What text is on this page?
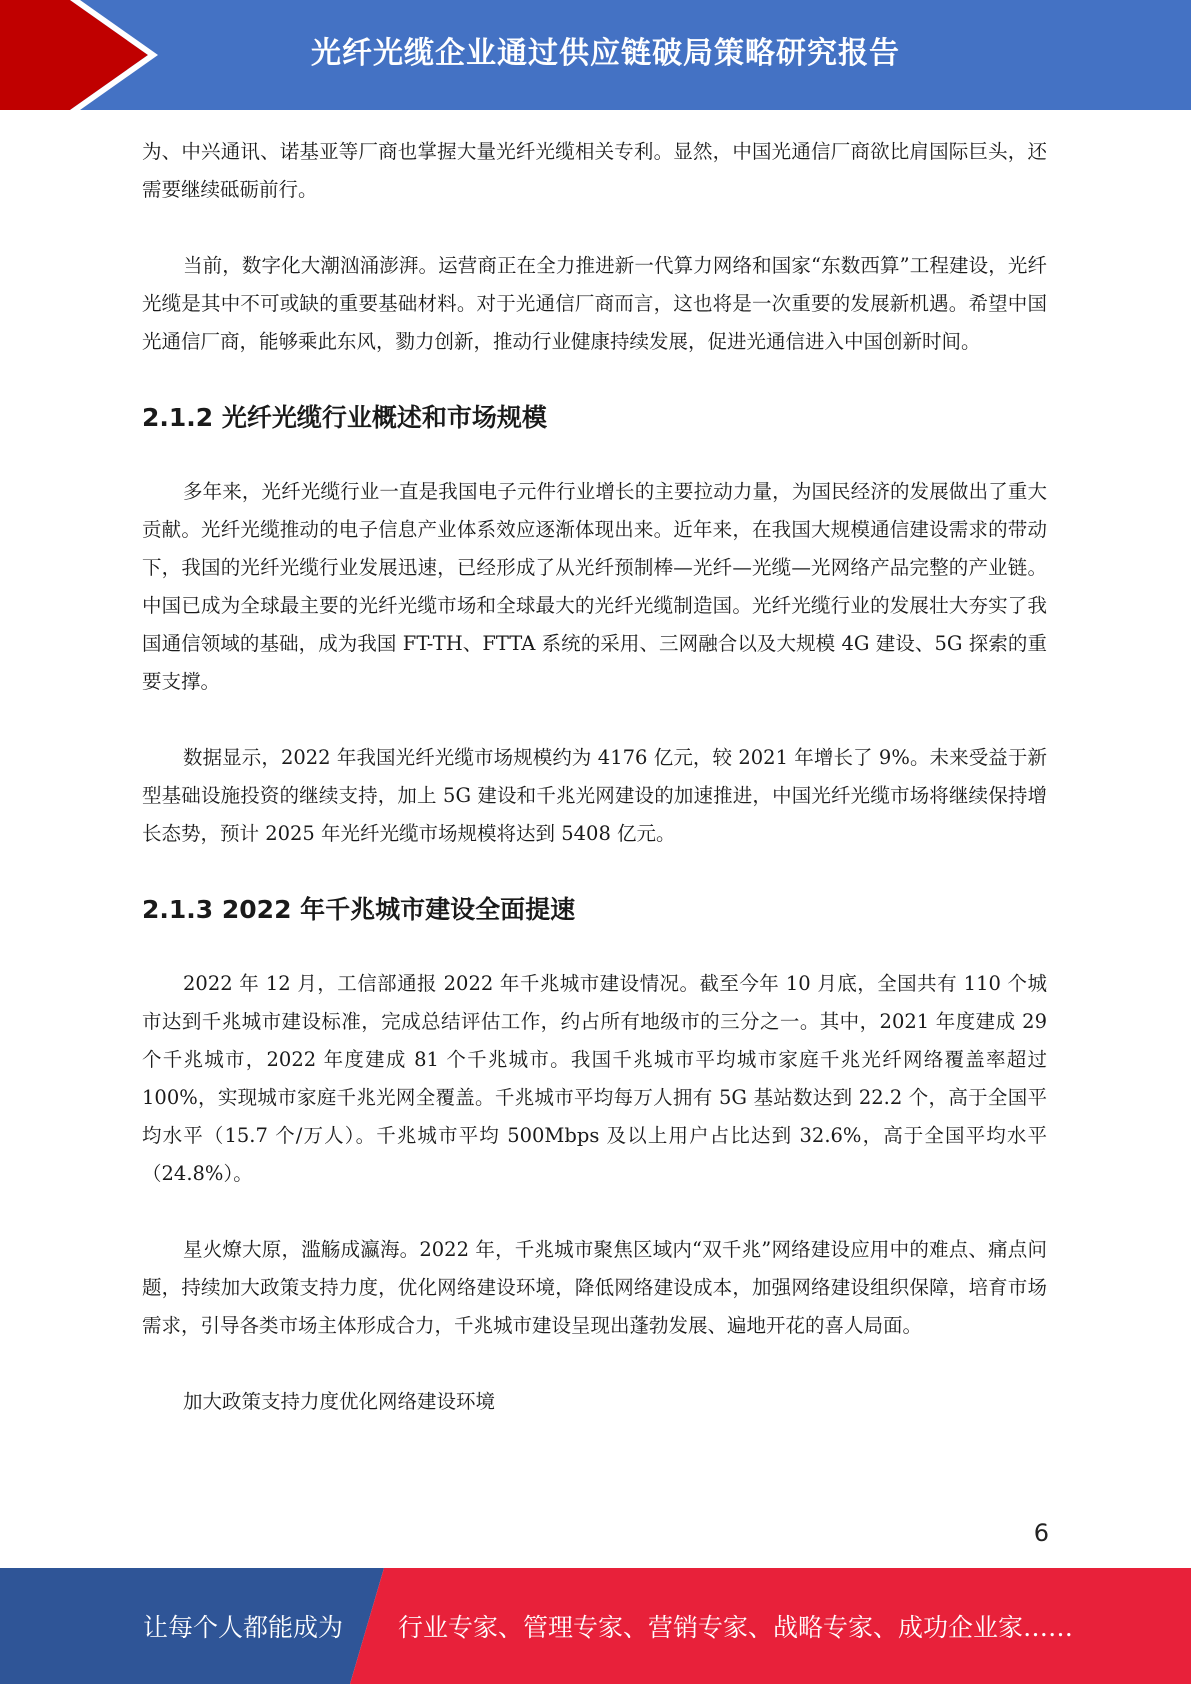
光纤光缆企业通过供应链破局策略研究报告

为、中兴通讯、诺基亚等厂商也掌握大量光纤光缆相关专利。显然，中国光通信厂商欲比肩国际巨头，还需要继续砥砺前行。

当前，数字化大潮汹涌澎湃。运营商正在全力推进新一代算力网络和国家“东数西算”工程建设，光纤光缆是其中不可或缺的重要基础材料。对于光通信厂商而言，这也将是一次重要的发展新机遇。希望中国光通信厂商，能够乘此东风，勠力创新，推动行业健康持续发展，促进光通信进入中国创新时间。

2.1.2 光纤光缆行业概述和市场规模

多年来，光纤光缆行业一直是我国电子元件行业增长的主要拉动力量，为国民经济的发展做出了重大贡献。光纤光缆推动的电子信息产业体系效应逐渐体现出来。近年来，在我国大规模通信建设需求的带动下，我国的光纤光缆行业发展迅速，已经形成了从光纤预制棒—光纤—光缆—光网络产品完整的产业链。中国已成为全球最主要的光纤光缆市场和全球最大的光纤光缆制造国。光纤光缆行业的发展壮大夯实了我国通信领域的基础，成为我国 FT-TH、FTTA 系统的采用、三网融合以及大规模 4G 建设、5G 探索的重要支撑。

数据显示，2022 年我国光纤光缆市场规模约为 4176 亿元，较 2021 年增长了 9%。未来受益于新型基础设施投资的继续支持，加上 5G 建设和千兆光网建设的加速推进，中国光纤光缆市场将继续保持增长态势，预计 2025 年光纤光缆市场规模将达到 5408 亿元。

2.1.3 2022 年千兆城市建设全面提速

2022 年 12 月，工信部通报 2022 年千兆城市建设情况。截至今年 10 月底，全国共有 110 个城市达到千兆城市建设标准，完成总结评估工作，约占所有地级市的三分之一。其中，2021 年度建成 29 个千兆城市，2022 年度建成 81 个千兆城市。我国千兆城市平均城市家庭千兆光纤网络覆盖率超过 100%，实现城市家庭千兆光网全覆盖。千兆城市平均每万人拥有 5G 基站数达到 22.2 个，高于全国平均水平（15.7 个/万人）。千兆城市平均 500Mbps 及以上用户占比达到 32.6%，高于全国平均水平（24.8%）。

星火燎大原，滥觞成瀛海。2022 年，千兆城市聚焦区域内“双千兆”网络建设应用中的难点、痛点问题，持续加大政策支持力度，优化网络建设环境，降低网络建设成本，加强网络建设组织保障，培育市场需求，引导各类市场主体形成合力，千兆城市建设呈现出蓬勃发展、遍地开花的喜人局面。

加大政策支持力度优化网络建设环境

6
让每个人都能成为 行业专家、管理专家、营销专家、战略专家、成功企业家……
